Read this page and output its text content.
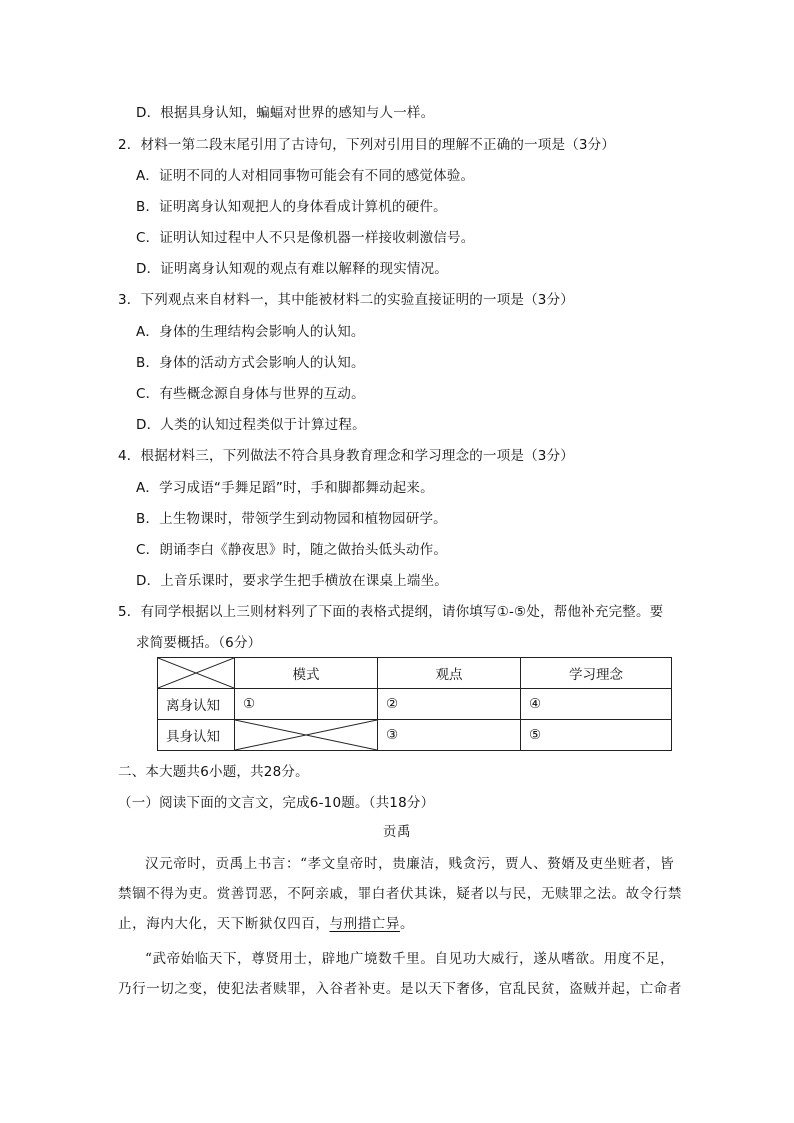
D．根据具身认知，蝙蝠对世界的感知与人一样。
2．材料一第二段末尾引用了古诗句，下列对引用目的理解不正确的一项是（3分）
A．证明不同的人对相同事物可能会有不同的感觉体验。
B．证明离身认知观把人的身体看成计算机的硬件。
C．证明认知过程中人不只是像机器一样接收刺激信号。
D．证明离身认知观的观点有难以解释的现实情况。
3．下列观点来自材料一，其中能被材料二的实验直接证明的一项是（3分）
A．身体的生理结构会影响人的认知。
B．身体的活动方式会影响人的认知。
C．有些概念源自身体与世界的互动。
D．人类的认知过程类似于计算过程。
4．根据材料三，下列做法不符合具身教育理念和学习理念的一项是（3分）
A．学习成语“手舞足蹈”时，手和脚都舞动起来。
B．上生物课时，带领学生到动物园和植物园研学。
C．朗诵李白《静夜思》时，随之做抬头低头动作。
D．上音乐课时，要求学生把手横放在课桌上端坐。
5．有同学根据以上三则材料列了下面的表格式提纲，请你填写①-⑤处，帮他补充完整。要
求简要概括。（6分）
	模式	观点	学习理念
离身认知	①	②	④
具身认知		③	⑤
二、本大题共6小题，共28分。
（一）阅读下面的文言文，完成6-10题。（共18分）
贡禹
汉元帝时，贡禹上书言：“孝文皇帝时，贵廉洁，贱贪污，贾人、赘婿及吏坐赃者，皆
禁锢不得为吏。赏善罚恶，不阿亲戚，罪白者伏其诛，疑者以与民，无赎罪之法。故令行禁
止，海内大化，天下断狱仅四百，与刑措亡异。
“武帝始临天下，尊贤用士，辟地广境数千里。自见功大威行，遂从嗜欲。用度不足，
乃行一切之变，使犯法者赎罪，入谷者补吏。是以天下奢侈，官乱民贫，盗贼并起，亡命者
